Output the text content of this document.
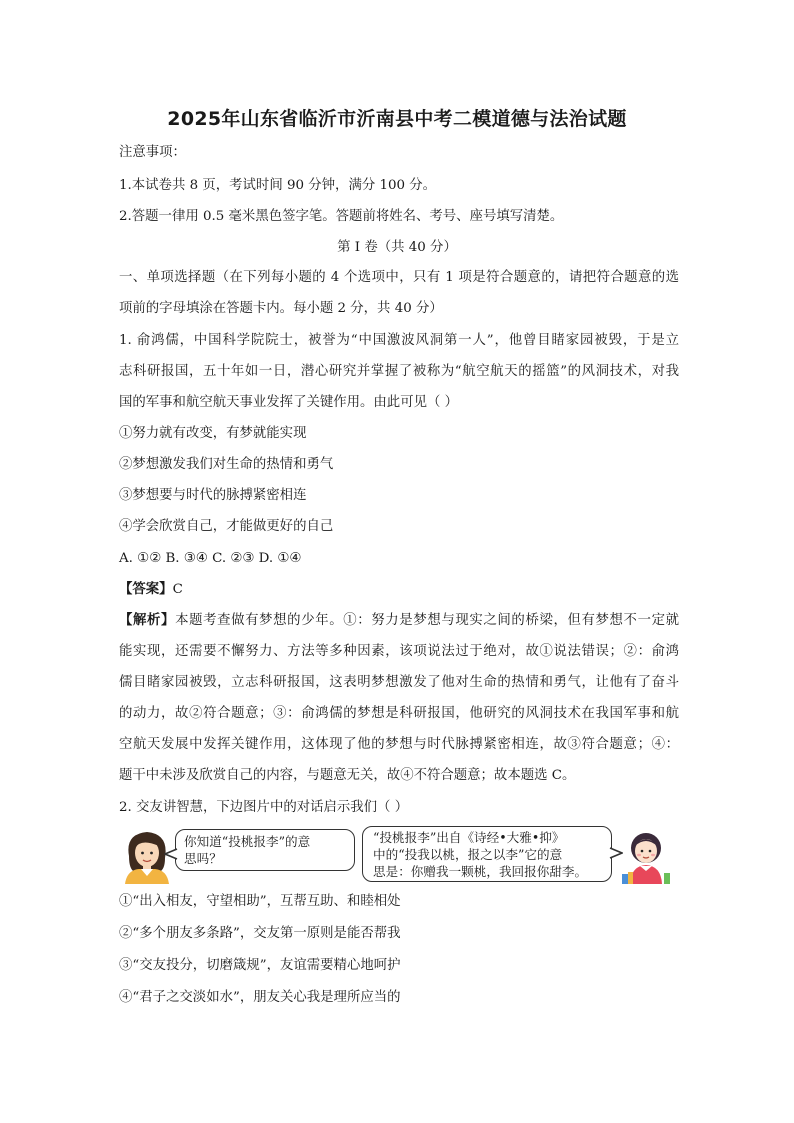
2025年山东省临沂市沂南县中考二模道德与法治试题
注意事项：
1.本试卷共 8 页，考试时间 90 分钟，满分 100 分。
2.答题一律用 0.5 毫米黑色签字笔。答题前将姓名、考号、座号填写清楚。
第 I 卷（共 40 分）
一、单项选择题（在下列每小题的 4 个选项中，只有 1 项是符合题意的，请把符合题意的选
项前的字母填涂在答题卡内。每小题 2 分，共 40 分）
1. 俞鸿儒，中国科学院院士，被誉为“中国激波风洞第一人”，他曾目睹家园被毁，于是立
志科研报国，五十年如一日，潜心研究并掌握了被称为“航空航天的摇篮”的风洞技术，对我
国的军事和航空航天事业发挥了关键作用。由此可见（ ）
①努力就有改变，有梦就能实现
②梦想激发我们对生命的热情和勇气
③梦想要与时代的脉搏紧密相连
④学会欣赏自己，才能做更好的自己
A. ①② B. ③④ C. ②③ D. ①④
【答案】C
【解析】本题考查做有梦想的少年。①：努力是梦想与现实之间的桥梁，但有梦想不一定就
能实现，还需要不懈努力、方法等多种因素，该项说法过于绝对，故①说法错误；②：俞鸿
儒目睹家园被毁，立志科研报国，这表明梦想激发了他对生命的热情和勇气，让他有了奋斗
的动力，故②符合题意；③：俞鸿儒的梦想是科研报国，他研究的风洞技术在我国军事和航
空航天发展中发挥关键作用，这体现了他的梦想与时代脉搏紧密相连，故③符合题意；④：
题干中未涉及欣赏自己的内容，与题意无关，故④不符合题意；故本题选 C。
2. 交友讲智慧，下边图片中的对话启示我们（ ）
你知道“投桃报李”的意
思吗？
“投桃报李”出自《诗经•大雅•抑》
中的“投我以桃，报之以李”它的意
思是：你赠我一颗桃，我回报你甜李。
①“出入相友，守望相助”，互帮互助、和睦相处
②“多个朋友多条路”，交友第一原则是能否帮我
③“交友投分，切磨箴规”，友谊需要精心地呵护
④“君子之交淡如水”，朋友关心我是理所应当的
